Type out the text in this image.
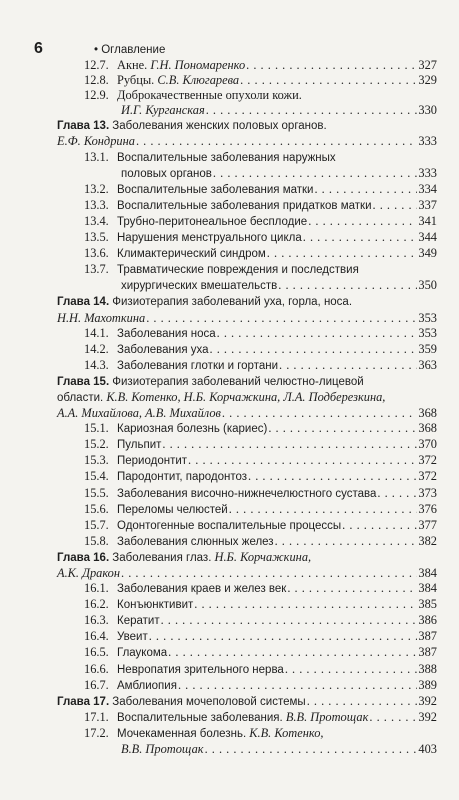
6	• Оглавление
12.7. Акне. Г.Н. Пономаренко . . .	327
12.8. Рубцы. С.В. Клюгарева . . .	329
12.9. Доброкачественные опухоли кожи.
И.Г. Курганская . . .	330
Глава 13. Заболевания женских половых органов.
Е.Ф. Кондрина . . .	333
13.1. Воспалительные заболевания наружных
половых органов . . .	333
13.2. Воспалительные заболевания матки . . .	334
13.3. Воспалительные заболевания придатков матки . . .	337
13.4. Трубно-перитонеальное бесплодие . . .	341
13.5. Нарушения менструального цикла . . .	344
13.6. Климактерический синдром . . .	349
13.7. Травматические повреждения и последствия
хирургических вмешательств . . .	350
Глава 14. Физиотерапия заболеваний уха, горла, носа.
Н.Н. Махоткина . . .	353
14.1. Заболевания носа . . .	353
14.2. Заболевания уха . . .	359
14.3. Заболевания глотки и гортани . . .	363
Глава 15. Физиотерапия заболеваний челюстно-лицевой
области. К.В. Котенко, Н.Б. Корчажкина, Л.А. Подберезкина,
А.А. Михайлова, А.В. Михайлов . . .	368
15.1. Кариозная болезнь (кариес) . . .	368
15.2. Пульпит . . .	370
15.3. Периодонтит . . .	372
15.4. Пародонтит, пародонтоз . . .	372
15.5. Заболевания височно-нижнечелюстного сустава . . .	373
15.6. Переломы челюстей . . .	376
15.7. Одонтогенные воспалительные процессы . . .	377
15.8. Заболевания слюнных желез . . .	382
Глава 16. Заболевания глаз. Н.Б. Корчажкина,
А.К. Дракон . . .	384
16.1. Заболевания краев и желез век . . .	384
16.2. Конъюнктивит . . .	385
16.3. Кератит . . .	386
16.4. Увеит . . .	387
16.5. Глаукома . . .	387
16.6. Невропатия зрительного нерва . . .	388
16.7. Амблиопия . . .	389
Глава 17. Заболевания мочеполовой системы . . .	392
17.1. Воспалительные заболевания. В.В. Протощак . . .	392
17.2. Мочекаменная болезнь. К.В. Котенко,
В.В. Протощак . . .	403
